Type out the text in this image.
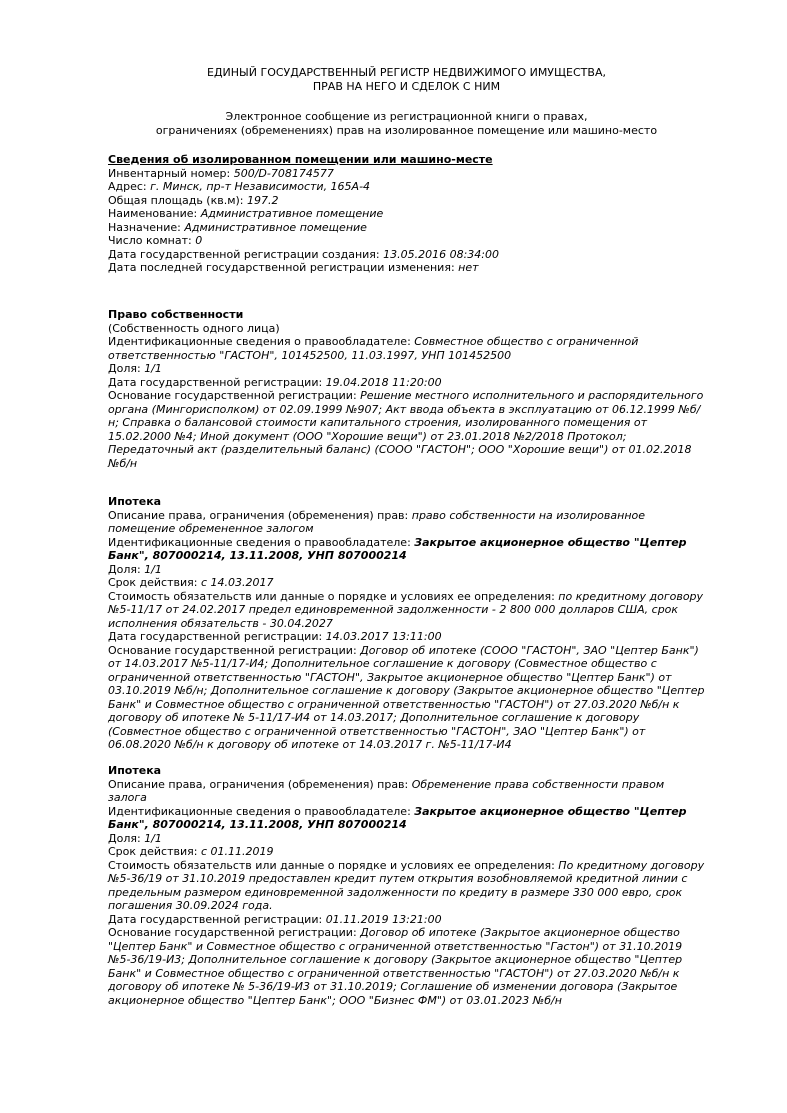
ЕДИНЫЙ ГОСУДАРСТВЕННЫЙ РЕГИСТР НЕДВИЖИМОГО ИМУЩЕСТВА,

ПРАВ НА НЕГО И СДЕЛОК С НИМ

Электронное сообщение из регистрационной книги о правах,

ограничениях (обременениях) прав на изолированное помещение или машино-место

Сведения об изолированном помещении или машино-месте

Инвентарный номер: 500/D-708174577

Адрес: г. Минск, пр-т Независимости, 165А-4

Общая площадь (кв.м): 197.2

Наименование: Административное помещение

Назначение: Административное помещение

Число комнат: 0

Дата государственной регистрации создания: 13.05.2016 08:34:00

Дата последней государственной регистрации изменения: нет

Право собственности

(Собственность одного лица)

Идентификационные сведения о правообладателе: Совместное общество с ограниченной ответственностью "ГАСТОН", 101452500, 11.03.1997, УНП 101452500

Доля: 1/1

Дата государственной регистрации: 19.04.2018 11:20:00

Основание государственной регистрации: Решение местного исполнительного и распорядительного органа (Мингорисполком) от 02.09.1999 №907; Акт ввода объекта в эксплуатацию от 06.12.1999 №б/н; Справка о балансовой стоимости капитального строения, изолированного помещения от 15.02.2000 №4; Иной документ (ООО "Хорошие вещи") от 23.01.2018 №2/2018 Протокол; Передаточный акт (разделительный баланс) (СООО "ГАСТОН"; ООО "Хорошие вещи") от 01.02.2018 №б/н

Ипотека

Описание права, ограничения (обременения) прав: право собственности на изолированное помещение обремененное залогом

Идентификационные сведения о правообладателе: Закрытое акционерное общество "Цептер Банк", 807000214, 13.11.2008, УНП 807000214

Доля: 1/1

Срок действия: с 14.03.2017

Стоимость обязательств или данные о порядке и условиях ее определения: по кредитному договору №5-11/17 от 24.02.2017 предел единовременной задолженности - 2 800 000 долларов США, срок исполнения обязательств - 30.04.2027

Дата государственной регистрации: 14.03.2017 13:11:00

Основание государственной регистрации: Договор об ипотеке (СООО "ГАСТОН", ЗАО "Цептер Банк") от 14.03.2017 №5-11/17-И4; Дополнительное соглашение к договору (Совместное общество с ограниченной ответственностью "ГАСТОН", Закрытое акционерное общество "Цептер Банк") от 03.10.2019 №б/н; Дополнительное соглашение к договору (Закрытое акционерное общество "Цептер Банк" и Совместное общество с ограниченной ответственностью "ГАСТОН") от 27.03.2020 №б/н к договору об ипотеке № 5-11/17-И4 от 14.03.2017; Дополнительное соглашение к договору (Совместное общество с ограниченной ответственностью "ГАСТОН", ЗАО "Цептер Банк") от 06.08.2020 №б/н к договору об ипотеке от 14.03.2017 г. №5-11/17-И4

Ипотека

Описание права, ограничения (обременения) прав: Обременение права собственности правом залога

Идентификационные сведения о правообладателе: Закрытое акционерное общество "Цептер Банк", 807000214, 13.11.2008, УНП 807000214

Доля: 1/1

Срок действия: с 01.11.2019

Стоимость обязательств или данные о порядке и условиях ее определения: По кредитному договору №5-36/19 от 31.10.2019 предоставлен кредит путем открытия возобновляемой кредитной линии с предельным размером единовременной задолженности по кредиту в размере 330 000 евро, срок погашения 30.09.2024 года.

Дата государственной регистрации: 01.11.2019 13:21:00

Основание государственной регистрации: Договор об ипотеке (Закрытое акционерное общество "Цептер Банк" и Совместное общество с ограниченной ответственностью "Гастон") от 31.10.2019 №5-36/19-И3; Дополнительное соглашение к договору (Закрытое акционерное общество "Цептер Банк" и Совместное общество с ограниченной ответственностью "ГАСТОН") от 27.03.2020 №б/н к договору об ипотеке № 5-36/19-И3 от 31.10.2019; Соглашение об изменении договора (Закрытое акционерное общество "Цептер Банк"; ООО "Бизнес ФМ") от 03.01.2023 №б/н
